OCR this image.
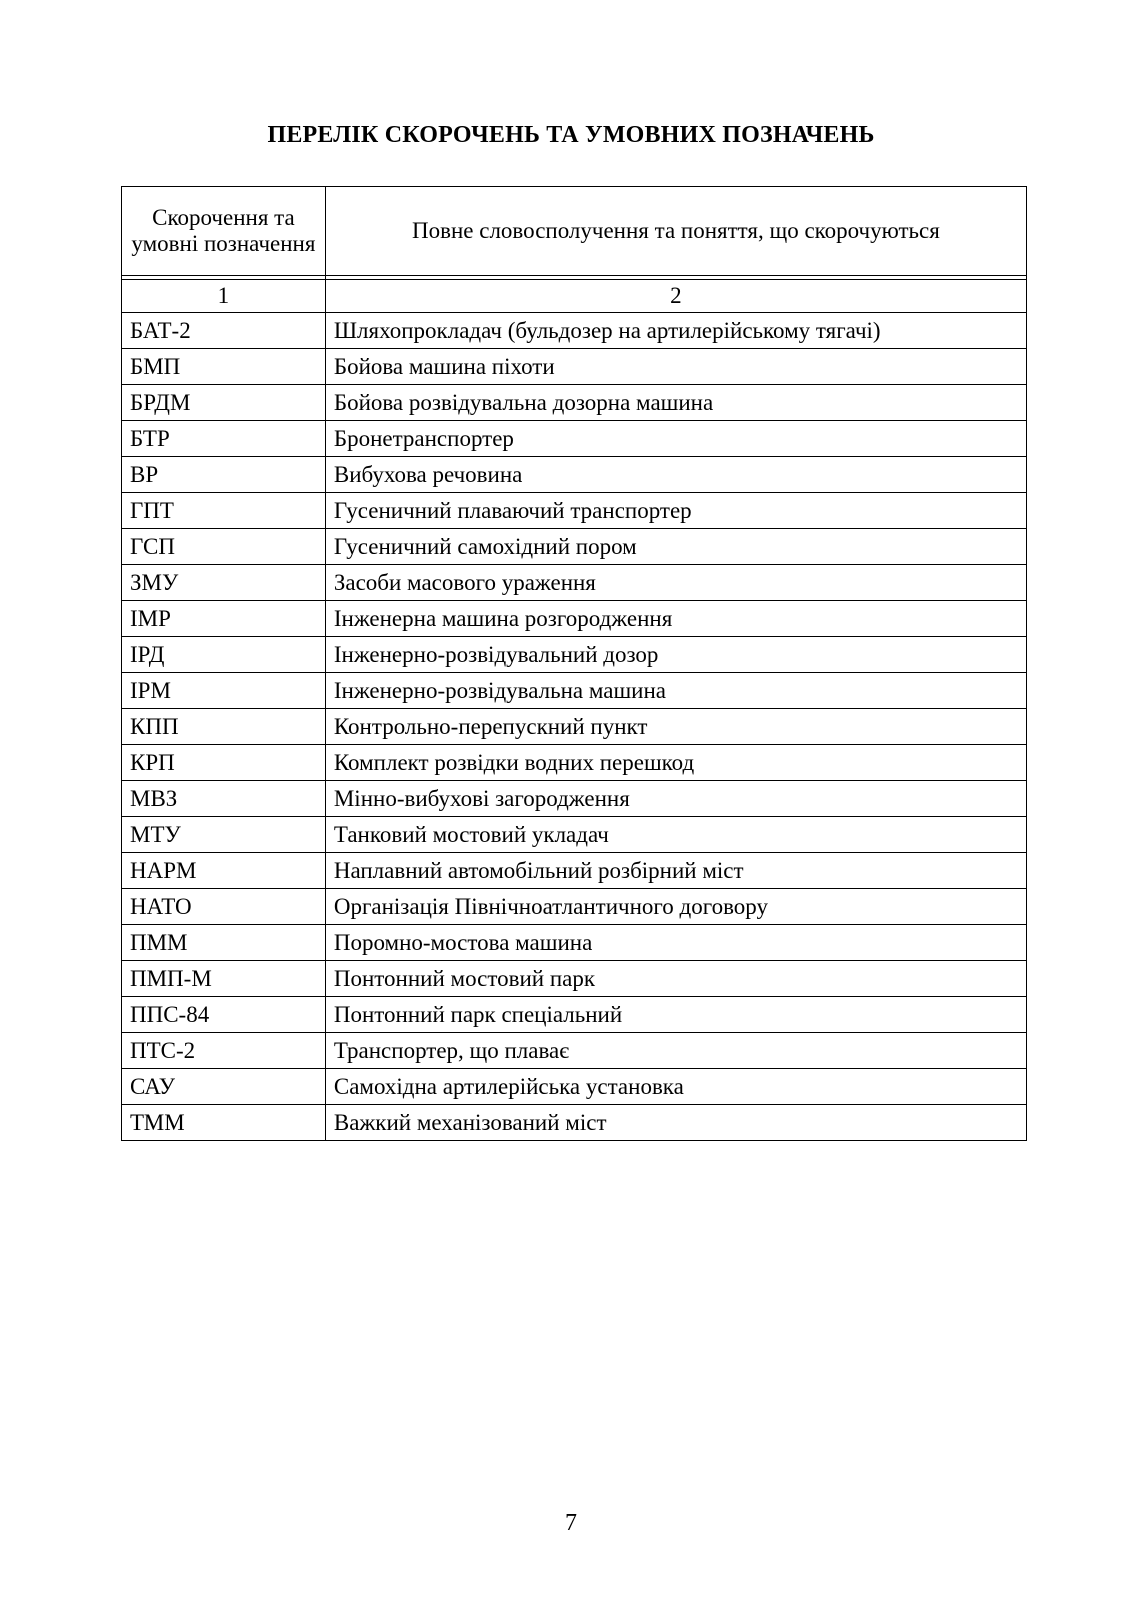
ПЕРЕЛІК СКОРОЧЕНЬ ТА УМОВНИХ ПОЗНАЧЕНЬ
Скорочення та умовні позначення	Повне словосполучення та поняття, що скорочуються

1	2
БАТ-2	Шляхопрокладач (бульдозер на артилерійському тягачі)
БМП	Бойова машина піхоти
БРДМ	Бойова розвідувальна дозорна машина
БТР	Бронетранспортер
ВР	Вибухова речовина
ГПТ	Гусеничний плаваючий транспортер
ГСП	Гусеничний самохідний пором
ЗМУ	Засоби масового ураження
ІМР	Інженерна машина розгородження
ІРД	Інженерно-розвідувальний дозор
ІРМ	Інженерно-розвідувальна машина
КПП	Контрольно-перепускний пункт
КРП	Комплект розвідки водних перешкод
МВЗ	Мінно-вибухові загородження
МТУ	Танковий мостовий укладач
НАРМ	Наплавний автомобільний розбірний міст
НАТО	Організація Північноатлантичного договору
ПММ	Поромно-мостова машина
ПМП-М	Понтонний мостовий парк
ППС-84	Понтонний парк спеціальний
ПТС-2	Транспортер, що плаває
САУ	Самохідна артилерійська установка
ТММ	Важкий механізований міст
7
